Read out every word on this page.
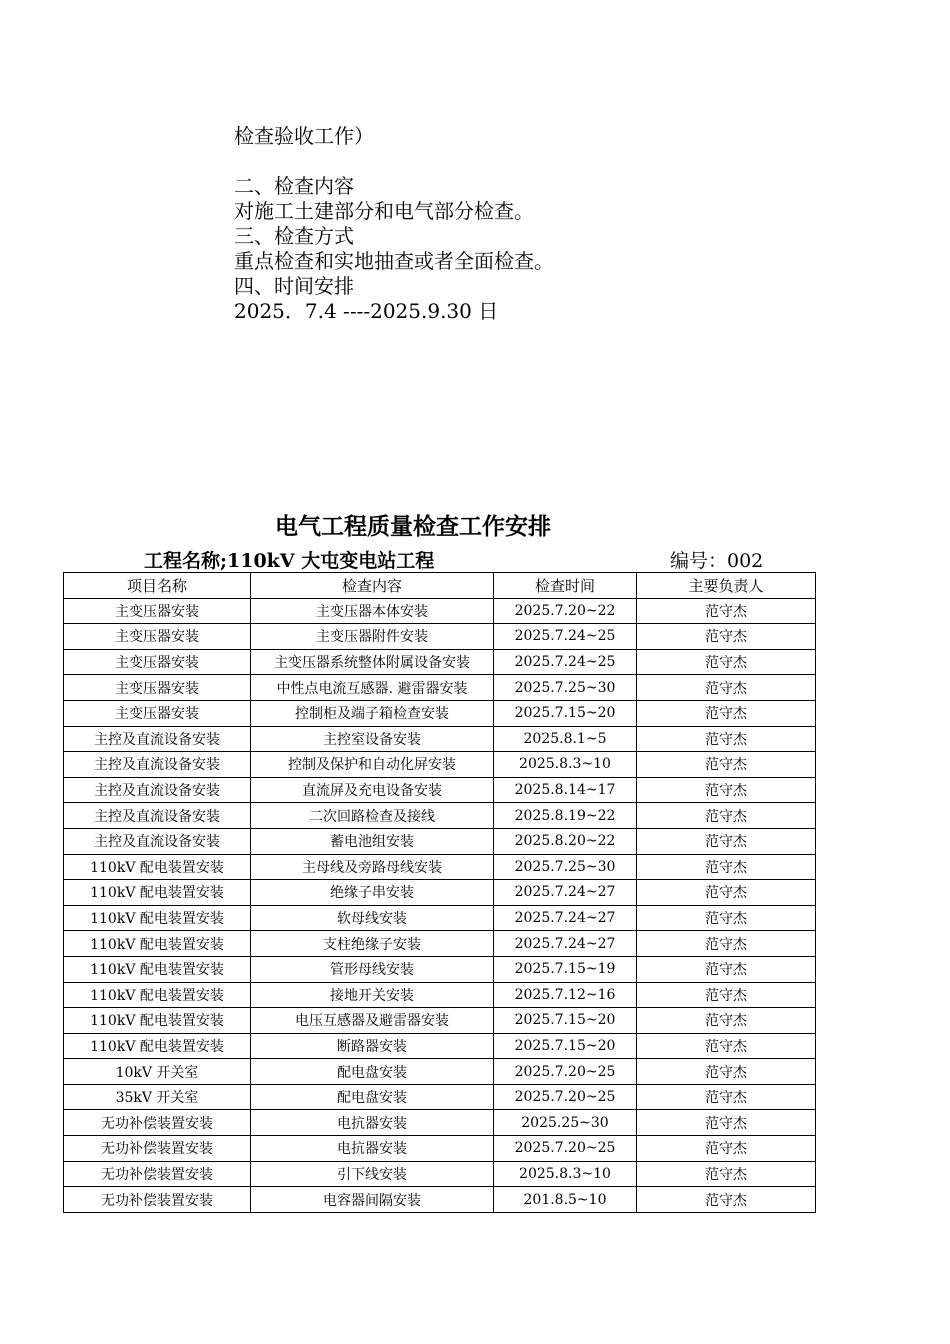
检查验收工作）

二、检查内容

对施工土建部分和电气部分检查。

三、检查方式

重点检查和实地抽查或者全面检查。

四、时间安排

2025．7.4 ----2025.9.30 日

电气工程质量检查工作安排
工程名称;110kV 大屯变电站工程	编号：002
项目名称	检查内容	检查时间	主要负责人
主变压器安装	主变压器本体安装	2025.7.20~22	范守杰
主变压器安装	主变压器附件安装	2025.7.24~25	范守杰
主变压器安装	主变压器系统整体附属设备安装	2025.7.24~25	范守杰
主变压器安装	中性点电流互感器. 避雷器安装	2025.7.25~30	范守杰
主变压器安装	控制柜及端子箱检查安装	2025.7.15~20	范守杰
主控及直流设备安装	主控室设备安装	2025.8.1~5	范守杰
主控及直流设备安装	控制及保护和自动化屏安装	2025.8.3~10	范守杰
主控及直流设备安装	直流屏及充电设备安装	2025.8.14~17	范守杰
主控及直流设备安装	二次回路检查及接线	2025.8.19~22	范守杰
主控及直流设备安装	蓄电池组安装	2025.8.20~22	范守杰
110kV 配电装置安装	主母线及旁路母线安装	2025.7.25~30	范守杰
110kV 配电装置安装	绝缘子串安装	2025.7.24~27	范守杰
110kV 配电装置安装	软母线安装	2025.7.24~27	范守杰
110kV 配电装置安装	支柱绝缘子安装	2025.7.24~27	范守杰
110kV 配电装置安装	管形母线安装	2025.7.15~19	范守杰
110kV 配电装置安装	接地开关安装	2025.7.12~16	范守杰
110kV 配电装置安装	电压互感器及避雷器安装	2025.7.15~20	范守杰
110kV 配电装置安装	断路器安装	2025.7.15~20	范守杰
10kV 开关室	配电盘安装	2025.7.20~25	范守杰
35kV 开关室	配电盘安装	2025.7.20~25	范守杰
无功补偿装置安装	电抗器安装	2025.25~30	范守杰
无功补偿装置安装	电抗器安装	2025.7.20~25	范守杰
无功补偿装置安装	引下线安装	2025.8.3~10	范守杰
无功补偿装置安装	电容器间隔安装	201.8.5~10	范守杰
